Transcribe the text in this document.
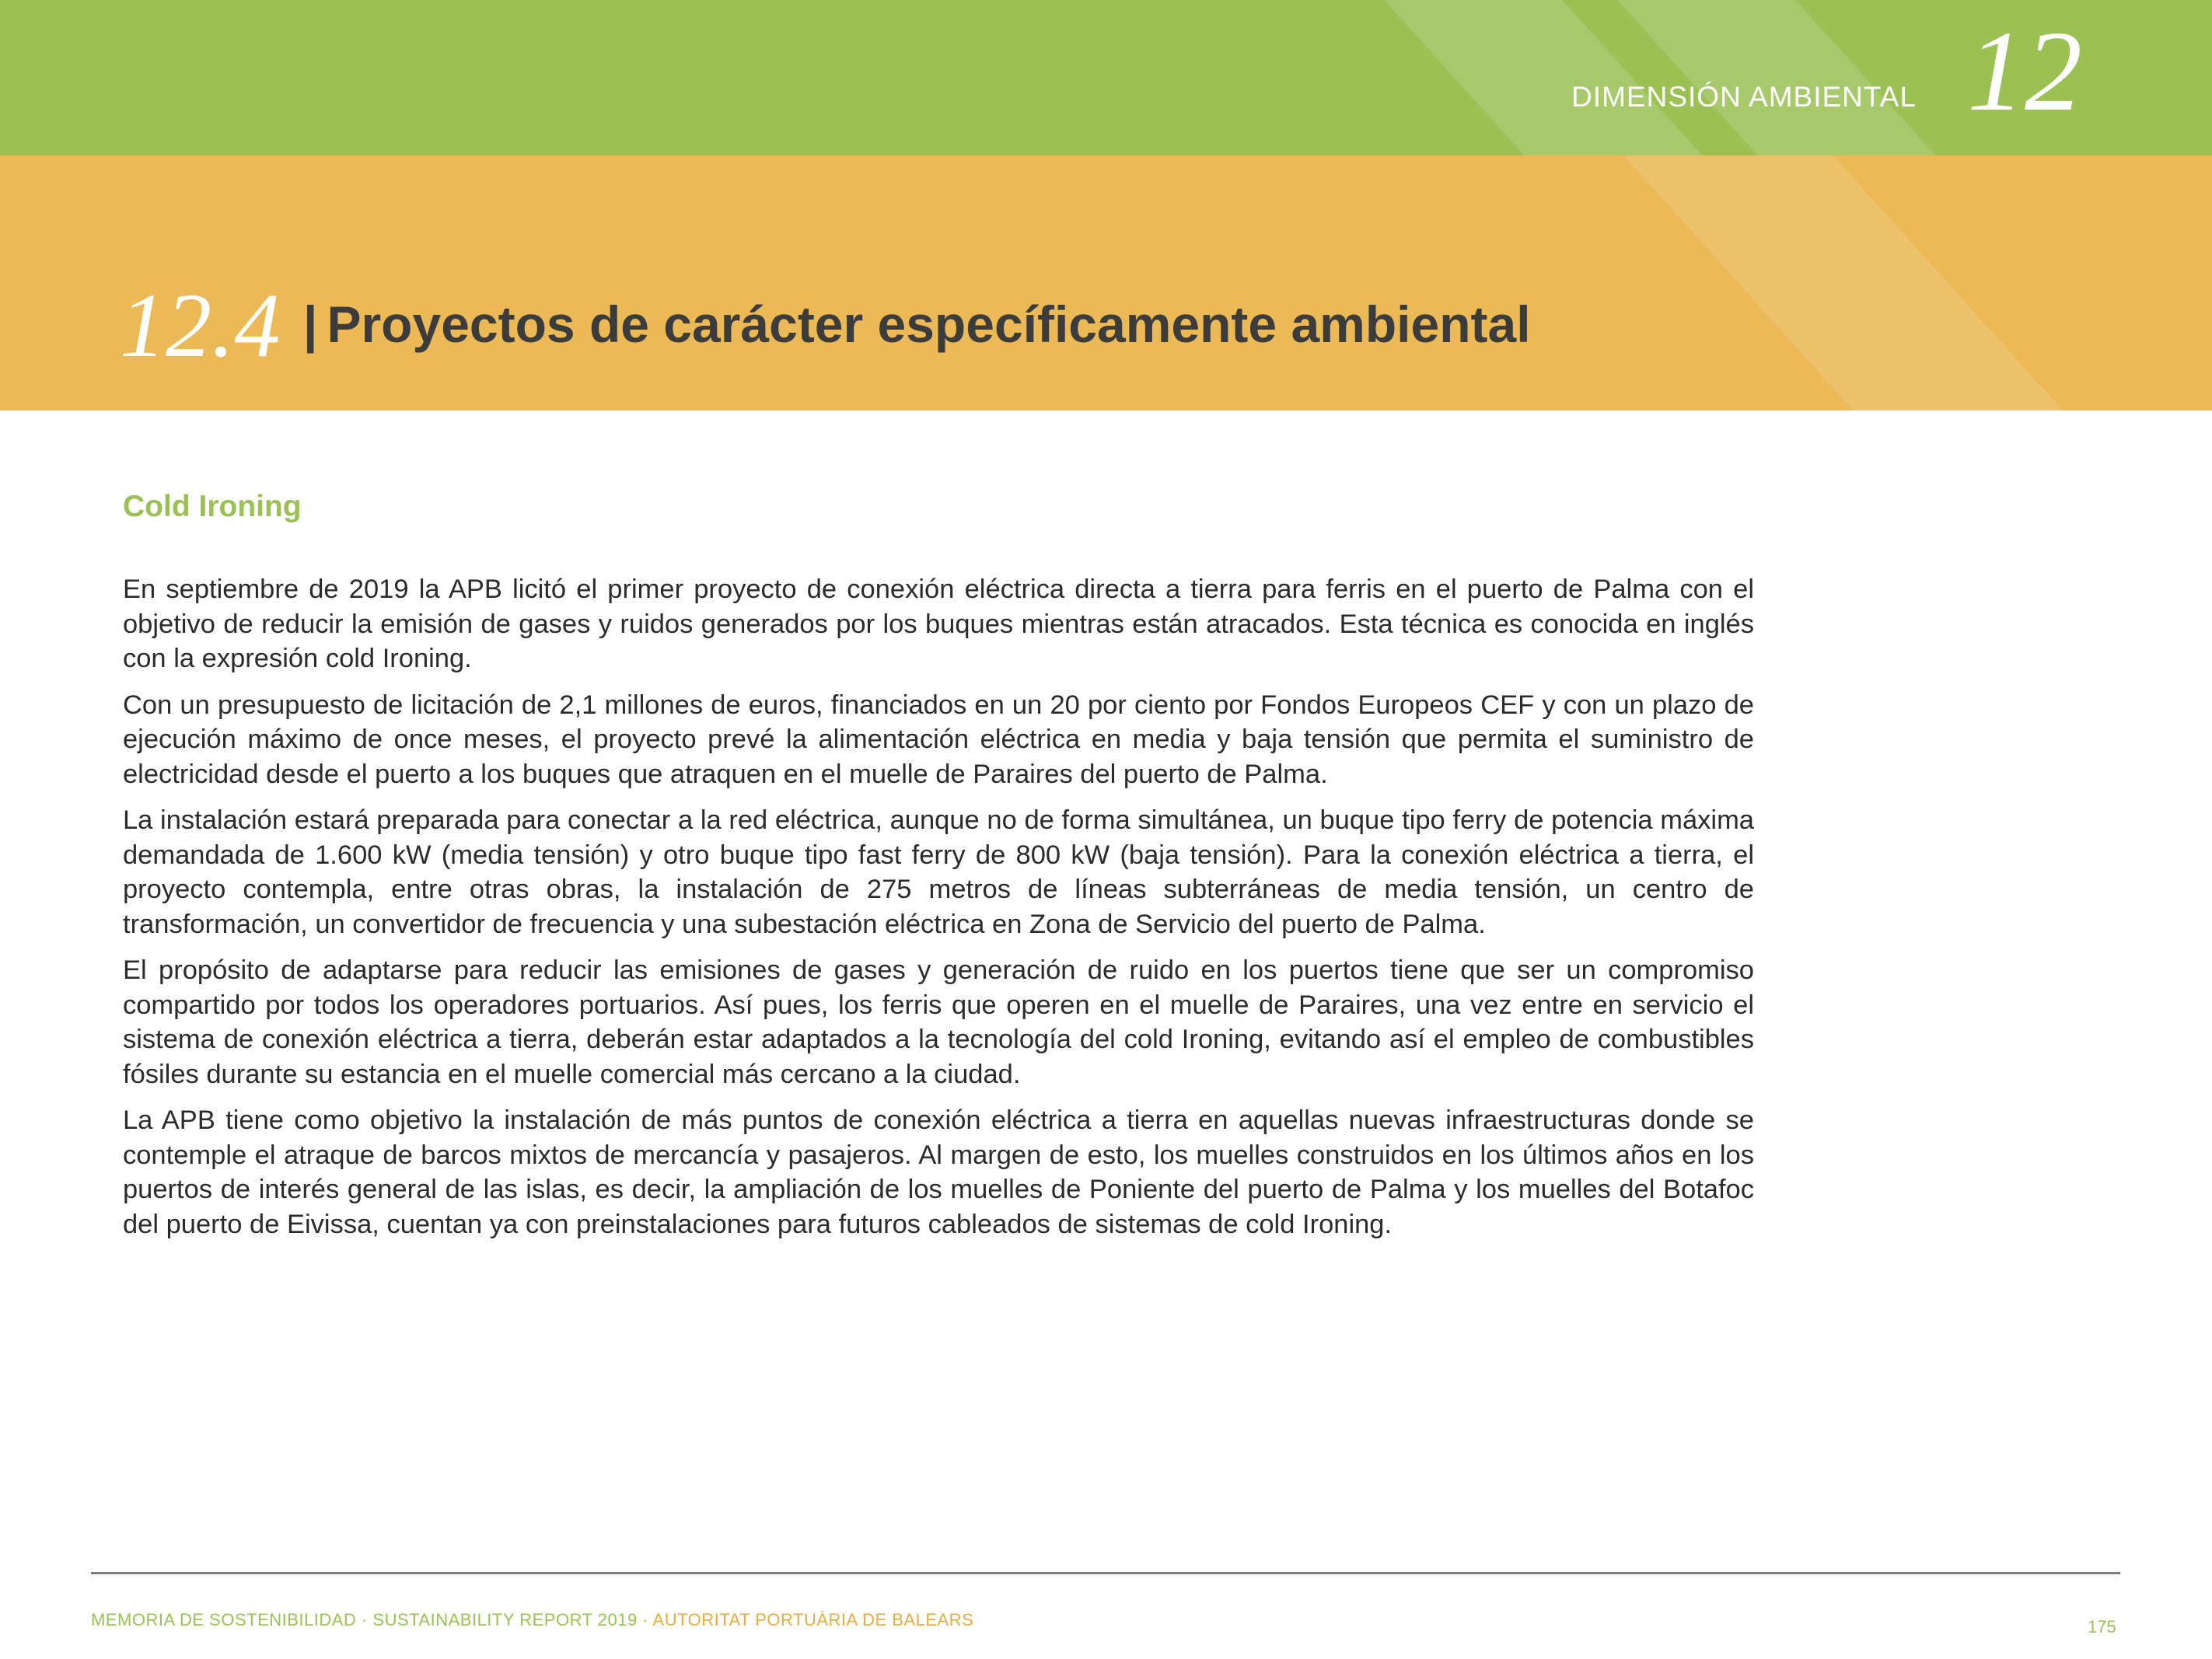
DIMENSIÓN AMBIENTAL 12
12.4 | Proyectos de carácter específicamente ambiental
Cold Ironing

En septiembre de 2019 la APB licitó el primer proyecto de conexión eléctrica directa a tierra para ferris en el puerto de Palma con el objetivo de reducir la emisión de gases y ruidos generados por los buques mientras están atracados. Esta técnica es conocida en inglés con la expresión cold Ironing.

Con un presupuesto de licitación de 2,1 millones de euros, financiados en un 20 por ciento por Fondos Europeos CEF y con un plazo de ejecución máximo de once meses, el proyecto prevé la alimentación eléctrica en media y baja tensión que permita el suministro de electricidad desde el puerto a los buques que atraquen en el muelle de Paraires del puerto de Palma.

La instalación estará preparada para conectar a la red eléctrica, aunque no de forma simultánea, un buque tipo ferry de potencia máxima demandada de 1.600 kW (media tensión) y otro buque tipo fast ferry de 800 kW (baja tensión). Para la conexión eléctrica a tierra, el proyecto contempla, entre otras obras, la instalación de 275 metros de líneas subterráneas de media tensión, un centro de transformación, un convertidor de frecuencia y una subestación eléctrica en Zona de Servicio del puerto de Palma.

El propósito de adaptarse para reducir las emisiones de gases y generación de ruido en los puertos tiene que ser un compromiso compartido por todos los operadores portuarios. Así pues, los ferris que operen en el muelle de Paraires, una vez entre en servicio el sistema de conexión eléctrica a tierra, deberán estar adaptados a la tecnología del cold Ironing, evitando así el empleo de combustibles fósiles durante su estancia en el muelle comercial más cercano a la ciudad.

La APB tiene como objetivo la instalación de más puntos de conexión eléctrica a tierra en aquellas nuevas infraestructuras donde se contemple el atraque de barcos mixtos de mercancía y pasajeros. Al margen de esto, los muelles construidos en los últimos años en los puertos de interés general de las islas, es decir, la ampliación de los muelles de Poniente del puerto de Palma y los muelles del Botafoc del puerto de Eivissa, cuentan ya con preinstalaciones para futuros cableados de sistemas de cold Ironing.

MEMORIA DE SOSTENIBILIDAD · SUSTAINABILITY REPORT 2019 · AUTORITAT PORTUÀRIA DE BALEARS	175
